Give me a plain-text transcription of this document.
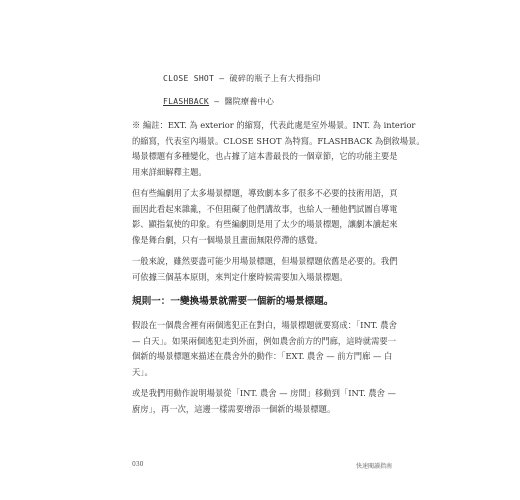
CLOSE SHOT — 破碎的瓶子上有大拇指印
FLASHBACK — 醫院療養中心
※ 編註：EXT. 為 exterior 的縮寫，代表此處是室外場景。INT. 為 interior
的縮寫，代表室內場景。CLOSE SHOT 為特寫。FLASHBACK 為倒敘場景。
場景標題有多種變化，也占據了這本書最長的一個章節，它的功能主要是
用來詳細解釋主題。
但有些編劇用了太多場景標題，導致劇本多了很多不必要的技術用語，頁
面因此看起來雜亂，不但阻礙了他們講故事，也給人一種他們試圖自導電
影、顯指氣使的印象。有些編劇則是用了太少的場景標題，讓劇本讀起來
像是舞台劇，只有一個場景且畫面無限停滯的感覺。
一般來說，雖然要盡可能少用場景標題，但場景標題依舊是必要的。我們
可依據三個基本原則，來判定什麼時候需要加入場景標題。
規則一：一變換場景就需要一個新的場景標題。
假設在一個農舍裡有兩個逃犯正在對白，場景標題就要寫成：「INT. 農舍
— 白天」。如果兩個逃犯走到外面，例如農舍前方的門廊，這時就需要一
個新的場景標題來描述在農舍外的動作：「EXT. 農舍 — 前方門廊 — 白
天」。
或是我們用動作說明場景從「INT. 農舍 — 房間」移動到「INT. 農舍 —
廚房」，再一次，這邊一樣需要增添一個新的場景標題。
030	快速閱讀指南
